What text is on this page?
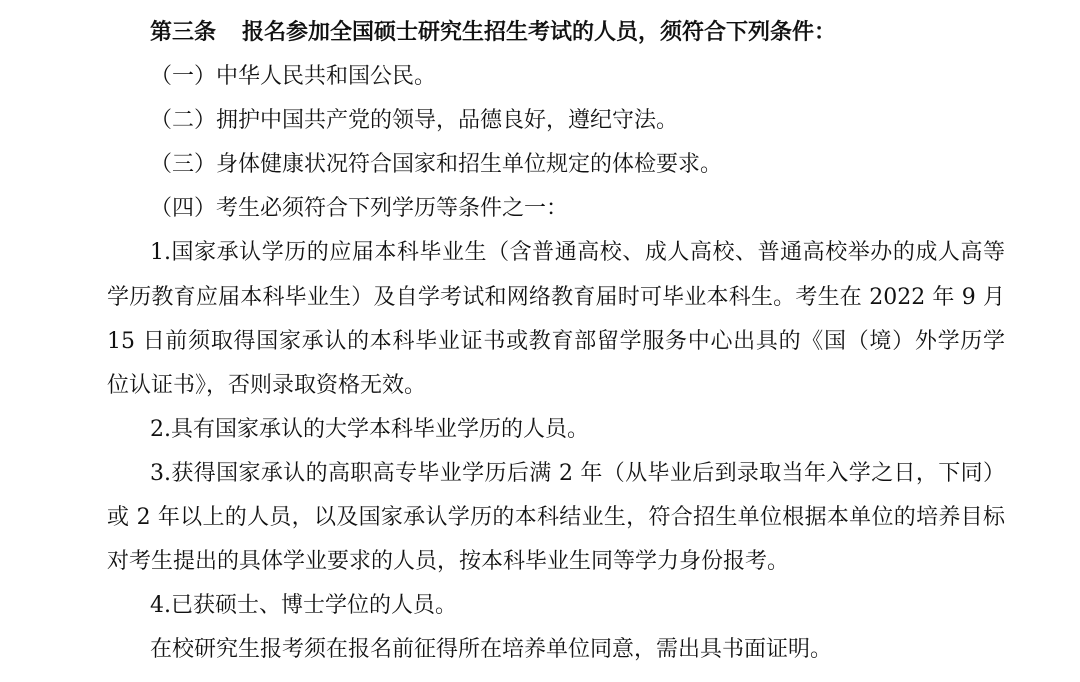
第三条 报名参加全国硕士研究生招生考试的人员，须符合下列条件：

（一）中华人民共和国公民。

（二）拥护中国共产党的领导，品德良好，遵纪守法。

（三）身体健康状况符合国家和招生单位规定的体检要求。

（四）考生必须符合下列学历等条件之一：

1.国家承认学历的应届本科毕业生（含普通高校、成人高校、普通高校举办的成人高等

学历教育应届本科毕业生）及自学考试和网络教育届时可毕业本科生。考生在 2022 年 9 月

15 日前须取得国家承认的本科毕业证书或教育部留学服务中心出具的《国（境）外学历学

位认证书》，否则录取资格无效。

2.具有国家承认的大学本科毕业学历的人员。

3.获得国家承认的高职高专毕业学历后满 2 年（从毕业后到录取当年入学之日，下同）

或 2 年以上的人员，以及国家承认学历的本科结业生，符合招生单位根据本单位的培养目标

对考生提出的具体学业要求的人员，按本科毕业生同等学力身份报考。

4.已获硕士、博士学位的人员。

在校研究生报考须在报名前征得所在培养单位同意，需出具书面证明。
